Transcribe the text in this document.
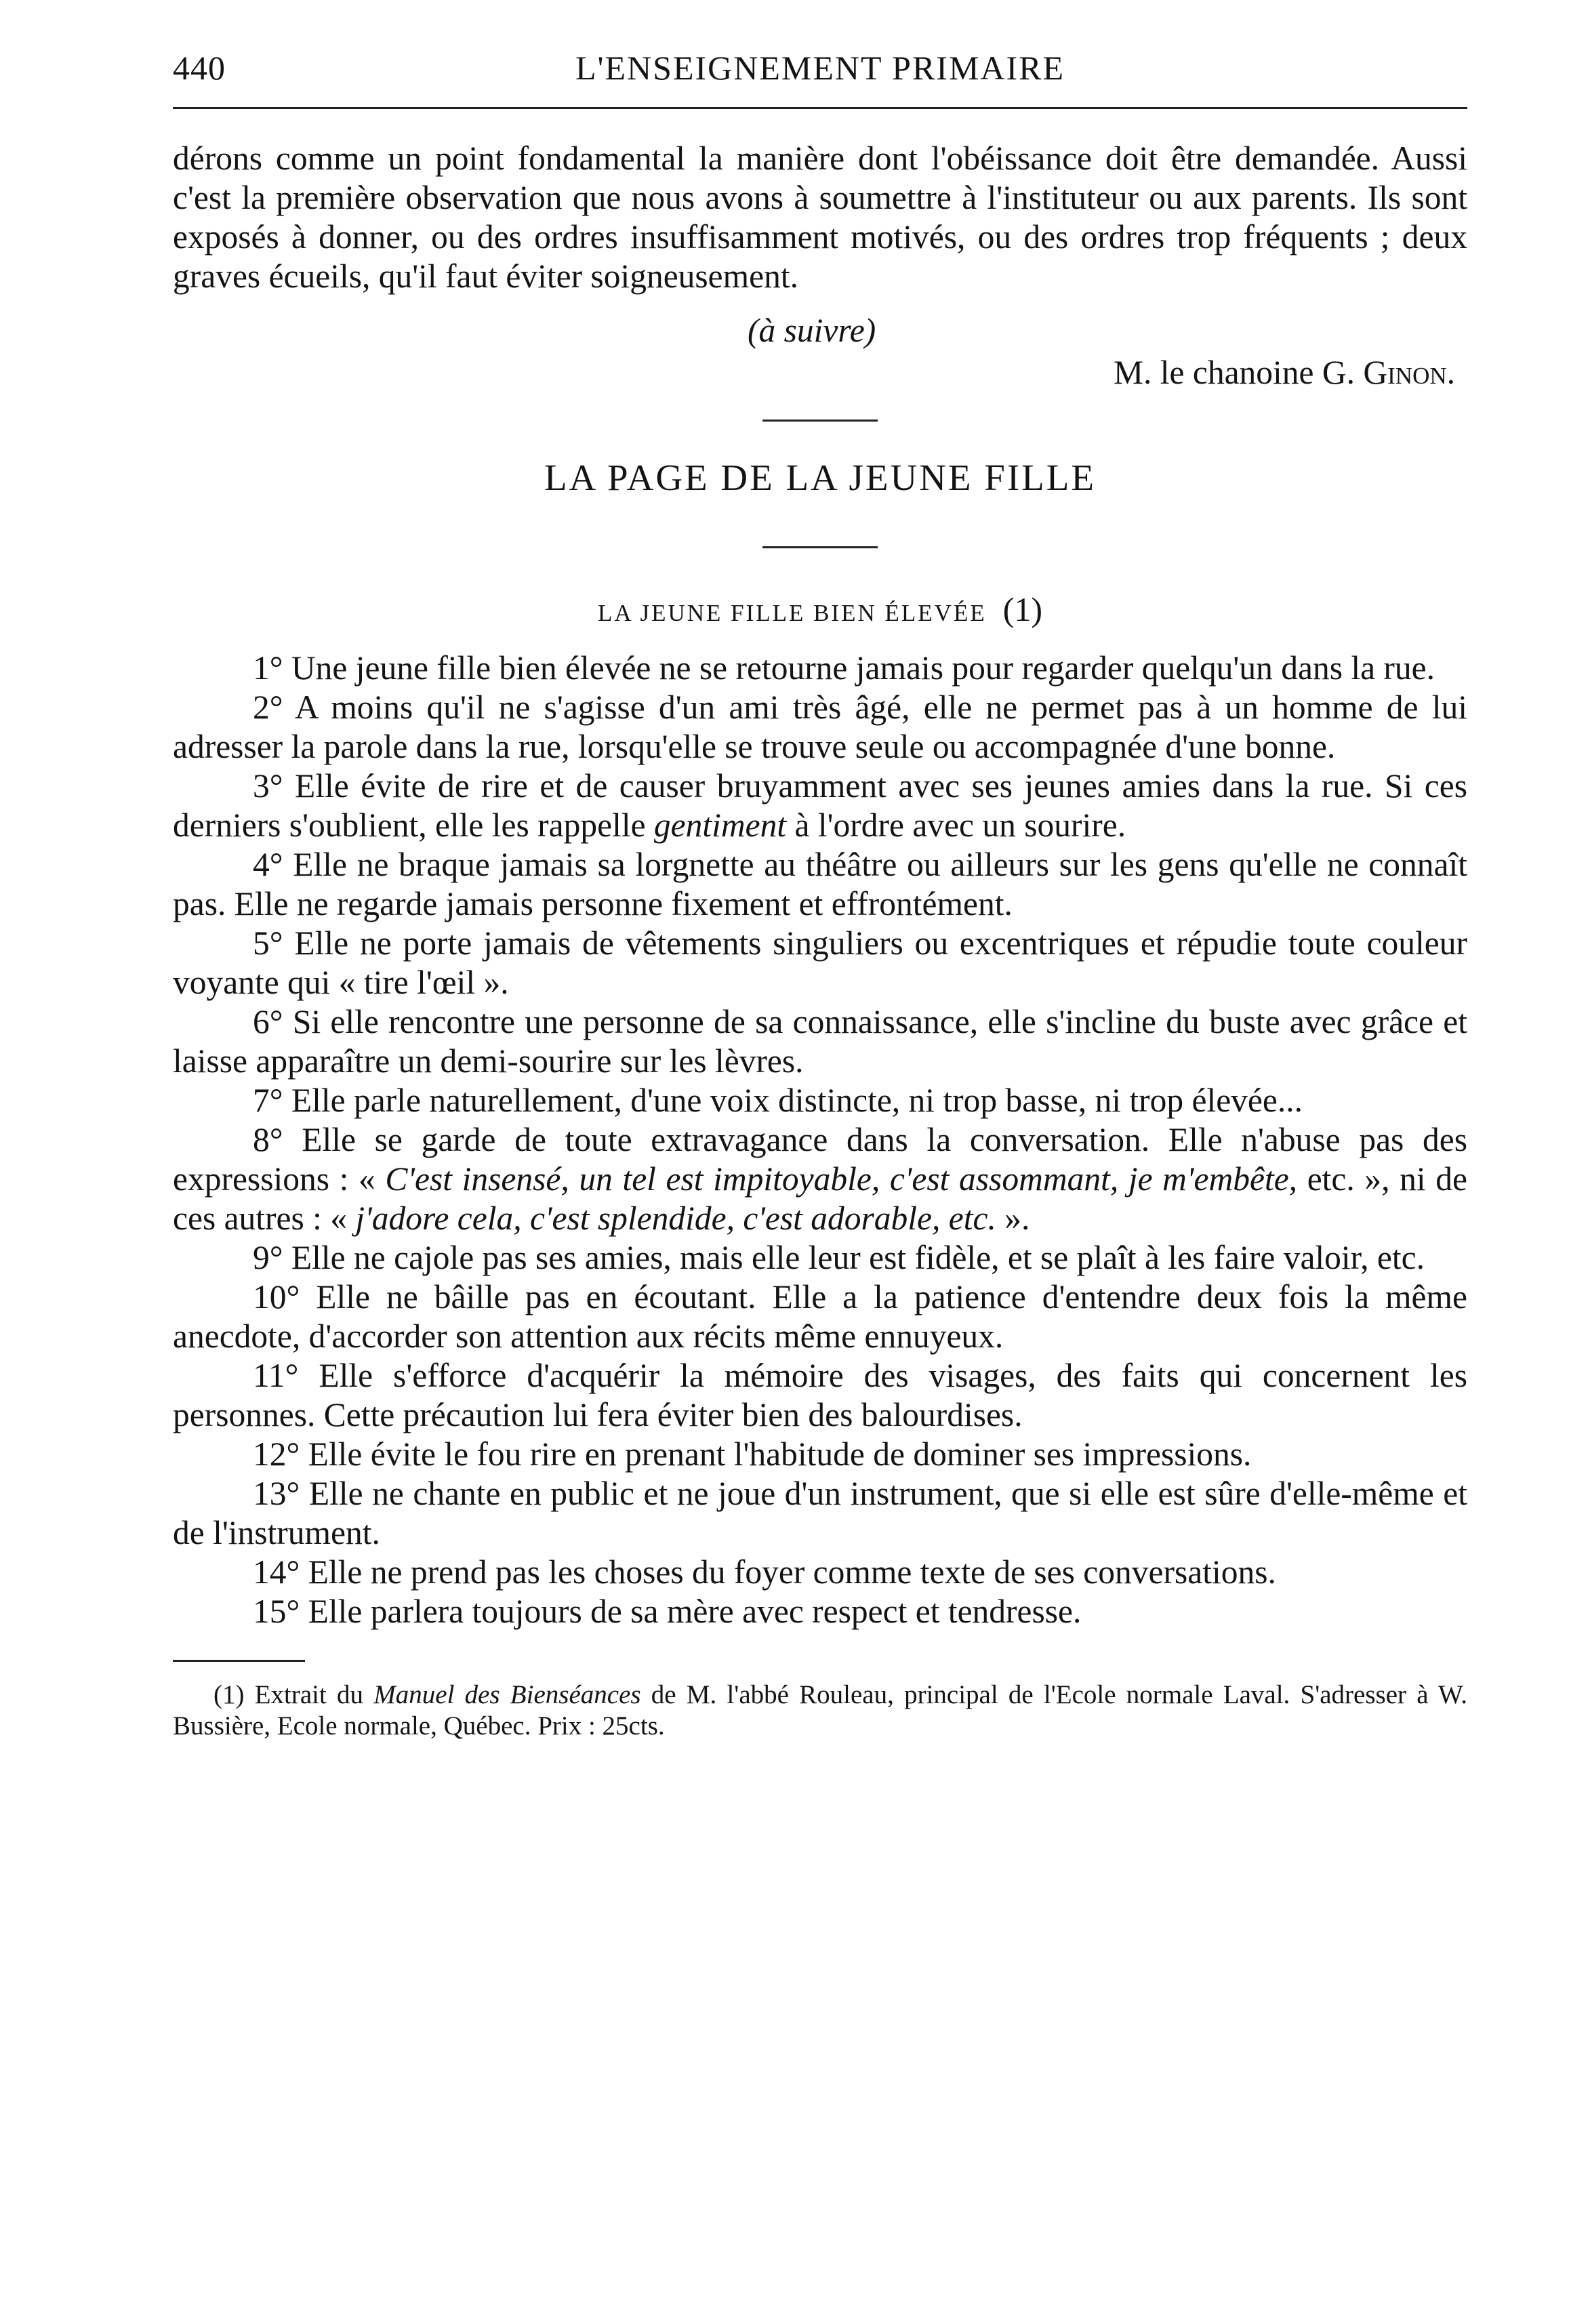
440	L'ENSEIGNEMENT PRIMAIRE

dérons comme un point fondamental la manière dont l'obéissance doit être demandée. Aussi c'est la première observation que nous avons à soumettre à l'instituteur ou aux parents. Ils sont exposés à donner, ou des ordres insuffisamment motivés, ou des ordres trop fréquents ; deux graves écueils, qu'il faut éviter soigneusement.

(à suivre)
M. le chanoine G. Ginon.
LA PAGE DE LA JEUNE FILLE
LA JEUNE FILLE BIEN ÉLEVÉE (1)

1° Une jeune fille bien élevée ne se retourne jamais pour regarder quelqu'un dans la rue.

2° A moins qu'il ne s'agisse d'un ami très âgé, elle ne permet pas à un homme de lui adresser la parole dans la rue, lorsqu'elle se trouve seule ou accompagnée d'une bonne.

3° Elle évite de rire et de causer bruyamment avec ses jeunes amies dans la rue. Si ces derniers s'oublient, elle les rappelle gentiment à l'ordre avec un sourire.

4° Elle ne braque jamais sa lorgnette au théâtre ou ailleurs sur les gens qu'elle ne connaît pas. Elle ne regarde jamais personne fixement et effrontément.

5° Elle ne porte jamais de vêtements singuliers ou excentriques et répudie toute couleur voyante qui « tire l'œil ».

6° Si elle rencontre une personne de sa connaissance, elle s'incline du buste avec grâce et laisse apparaître un demi-sourire sur les lèvres.

7° Elle parle naturellement, d'une voix distincte, ni trop basse, ni trop élevée...

8° Elle se garde de toute extravagance dans la conversation. Elle n'abuse pas des expressions : « C'est insensé, un tel est impitoyable, c'est assommant, je m'embête, etc. », ni de ces autres : « j'adore cela, c'est splendide, c'est adorable, etc. ».

9° Elle ne cajole pas ses amies, mais elle leur est fidèle, et se plaît à les faire valoir, etc.

10° Elle ne bâille pas en écoutant. Elle a la patience d'entendre deux fois la même anecdote, d'accorder son attention aux récits même ennuyeux.

11° Elle s'efforce d'acquérir la mémoire des visages, des faits qui concernent les personnes. Cette précaution lui fera éviter bien des balourdises.

12° Elle évite le fou rire en prenant l'habitude de dominer ses impressions.

13° Elle ne chante en public et ne joue d'un instrument, que si elle est sûre d'elle-même et de l'instrument.

14° Elle ne prend pas les choses du foyer comme texte de ses conversations.

15° Elle parlera toujours de sa mère avec respect et tendresse.

(1) Extrait du Manuel des Bienséances de M. l'abbé Rouleau, principal de l'Ecole normale Laval. S'adresser à W. Bussière, Ecole normale, Québec. Prix : 25cts.
